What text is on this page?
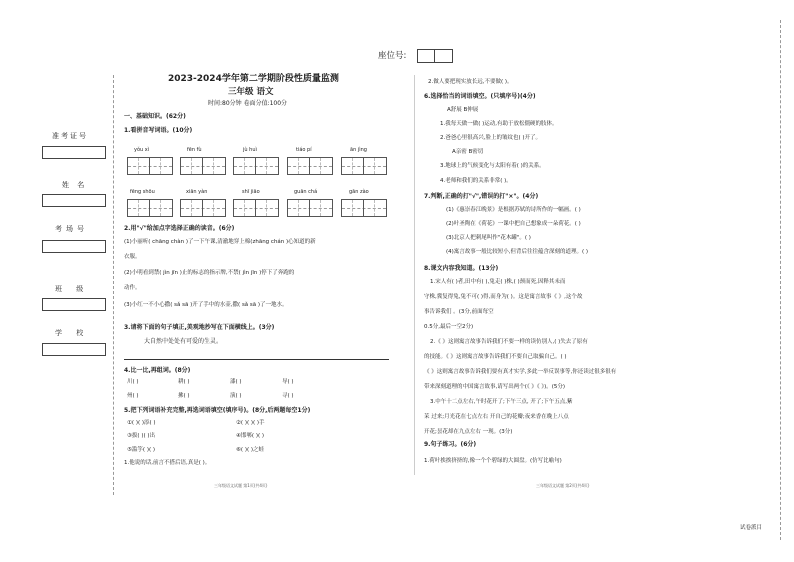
座位号:
准考证号
姓 名
考场号
班 级
学 校
2023-2024学年第二学期阶段性质量监测
三年级 语文
时间:80分钟 卷面分值:100分
一、基础知识。(62分)
1.看拼音写词语。(10分)
yǒu xì	fēn fù	jù huì	tiáo pí	ān jìng
fēng shōu	xiān yàn	shī jiāo	guān chá	gān zào
2.用"√"给加点字选择正确的读音。(6分)
(1)小丽听( chāng chàn )了一下午课,清澈地穿上棉(zhāng chán )心知道的新
衣服。
(2)小明看到禁( jìn jīn )止的标志的指示牌,不禁( jìn jīn )停下了奔跑的
动作。
(3)小红一不小心撒( sǎ sā )开了手中的水壶,撒( sǎ sā )了一地水。
3.请将下面的句子填正,美观地抄写在下面横线上。(3分)
大自然中处处有可爱的生灵。
4.比一比,再组词。(8分)
川( )	耕( )	漆( )	导( )
州( )	拂( )	演( )	寻( )
5.把下列词语补充完整,再选词语填空(填序号)。(8分,后两题每空1分)
①( )( )添( )	②( )( )( )手
③拔( )( )出	④邯郸( )( )
⑤滥竽( )( )	⑥( )( )之蛙
1.他说的话,前言不搭后语,真是( )。
三年级语文试题 第1页(共4页)
2.做人要把现实放长远,不要做( )。
6.选择恰当的词语填空。(只填序号)(4分)
A舒展 B伸展
1.我每天做一做( )运动,有助于放松僵硬的肢体。
2.爸爸心里很高兴,脸上的皱纹也( )开了。
A亲密 B密切
3.地球上的气候变化与太阳有着( )的关系。
4.老师和我们的关系非常( )。
7.判断,正确的打"√",错误的打"×"。(4分)
(1)《惠崇春江晚景》是根据苏轼的诗所作的一幅画。( )
(2)叶圣陶在《荷花》一课中把自己想象成一朵荷花。( )
(3)北京人把刺尾叫作"花木罐"。( )
(4)寓言故事一般比较短小,但背后往往蕴含深刻的道理。( )
8.课文内容我知道。(13分)
1.宋人有( )者,田中有( ),兔走( )株,( )颈而死,因释其未而
守株,冀复得兔,兔不可( )得,而身为( )。这是寓言故事《 》,这个故
事告诉我们 。(3分,前面每空
0.5分,最后一空2分)
2.《 》这则寓言故事告诉我们不要一样的读仿别人,( )失去了原有
的技能。《 》这则寓言故事告诉我们不要自己取骗自己。( )
《 》这则寓言故事告诉我们要有真才实学,多此一举反误事等,你还读过很多很有
带来深刻道理的中国寓言故事,请写出两个(《 》《 》)。(5分)
3.中午十二点左右,午时花开了;下午三点, 开了;下午五点,紫
茉 过来;月光花在七点左右 开自己的花瓣;夜来香在晚上八点
开花;昙花却在九点左右 一现。(3分)
9.句子练习。(6分)
1.荷叶挨挨挤挤的,像一个个碧绿的大圆盘。(仿写比喻句)
三年级语文试题 第2页(共4页)
试卷派目
